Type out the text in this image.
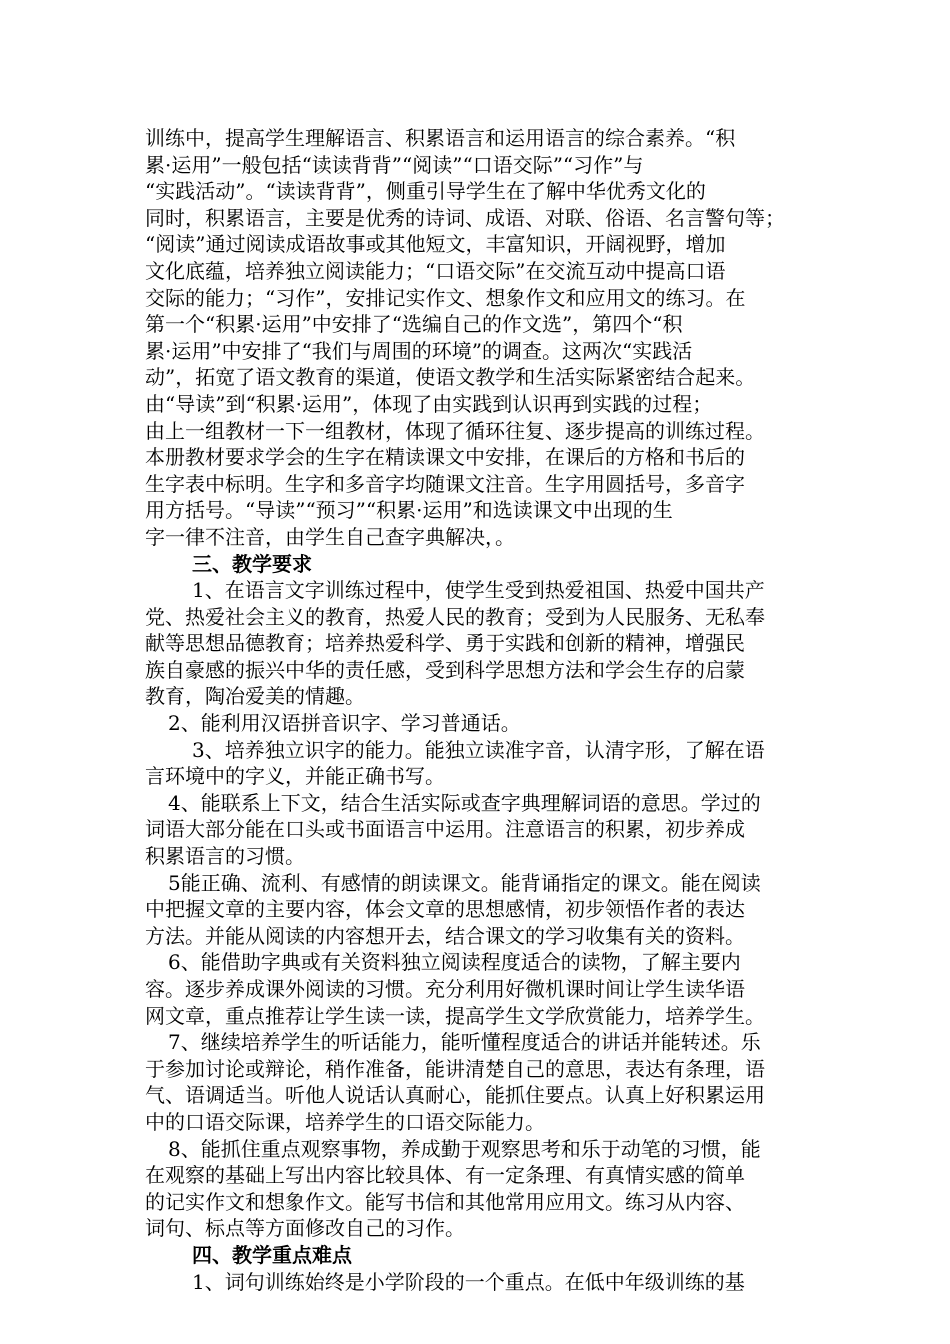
训练中，提高学生理解语言、积累语言和运用语言的综合素养。“积
累·运用”一般包括“读读背背”“阅读”“口语交际”“习作”与
“实践活动”。“读读背背”，侧重引导学生在了解中华优秀文化的
同时，积累语言，主要是优秀的诗词、成语、对联、俗语、名言警句等；
“阅读”通过阅读成语故事或其他短文，丰富知识，开阔视野，增加
文化底蕴，培养独立阅读能力；“口语交际”在交流互动中提高口语
交际的能力；“习作”，安排记实作文、想象作文和应用文的练习。在
第一个“积累·运用”中安排了“选编自己的作文选”，第四个“积
累·运用”中安排了“我们与周围的环境”的调查。这两次“实践活
动”，拓宽了语文教育的渠道，使语文教学和生活实际紧密结合起来。
由“导读”到“积累·运用”，体现了由实践到认识再到实践的过程；
由上一组教材一下一组教材，体现了循环往复、逐步提高的训练过程。
本册教材要求学会的生字在精读课文中安排，在课后的方格和书后的
生字表中标明。生字和多音字均随课文注音。生字用圆括号，多音字
用方括号。“导读”“预习”“积累·运用”和选读课文中出现的生
字一律不注音，由学生自己查字典解决，。
三、教学要求
1、在语言文字训练过程中，使学生受到热爱祖国、热爱中国共产
党、热爱社会主义的教育，热爱人民的教育；受到为人民服务、无私奉
献等思想品德教育；培养热爱科学、勇于实践和创新的精神，增强民
族自豪感的振兴中华的责任感，受到科学思想方法和学会生存的启蒙
教育，陶冶爱美的情趣。
2、能利用汉语拼音识字、学习普通话。
3、培养独立识字的能力。能独立读准字音，认清字形，了解在语
言环境中的字义，并能正确书写。
4、能联系上下文，结合生活实际或查字典理解词语的意思。学过的
词语大部分能在口头或书面语言中运用。注意语言的积累，初步养成
积累语言的习惯。
5能正确、流利、有感情的朗读课文。能背诵指定的课文。能在阅读
中把握文章的主要内容，体会文章的思想感情，初步领悟作者的表达
方法。并能从阅读的内容想开去，结合课文的学习收集有关的资料。
6、能借助字典或有关资料独立阅读程度适合的读物，了解主要内
容。逐步养成课外阅读的习惯。充分利用好微机课时间让学生读华语
网文章，重点推荐让学生读一读，提高学生文学欣赏能力，培养学生。
7、继续培养学生的听话能力，能听懂程度适合的讲话并能转述。乐
于参加讨论或辩论，稍作准备，能讲清楚自己的意思，表达有条理，语
气、语调适当。听他人说话认真耐心，能抓住要点。认真上好积累运用
中的口语交际课，培养学生的口语交际能力。
8、能抓住重点观察事物，养成勤于观察思考和乐于动笔的习惯，能
在观察的基础上写出内容比较具体、有一定条理、有真情实感的简单
的记实作文和想象作文。能写书信和其他常用应用文。练习从内容、
词句、标点等方面修改自己的习作。
四、教学重点难点
1、词句训练始终是小学阶段的一个重点。在低中年级训练的基
